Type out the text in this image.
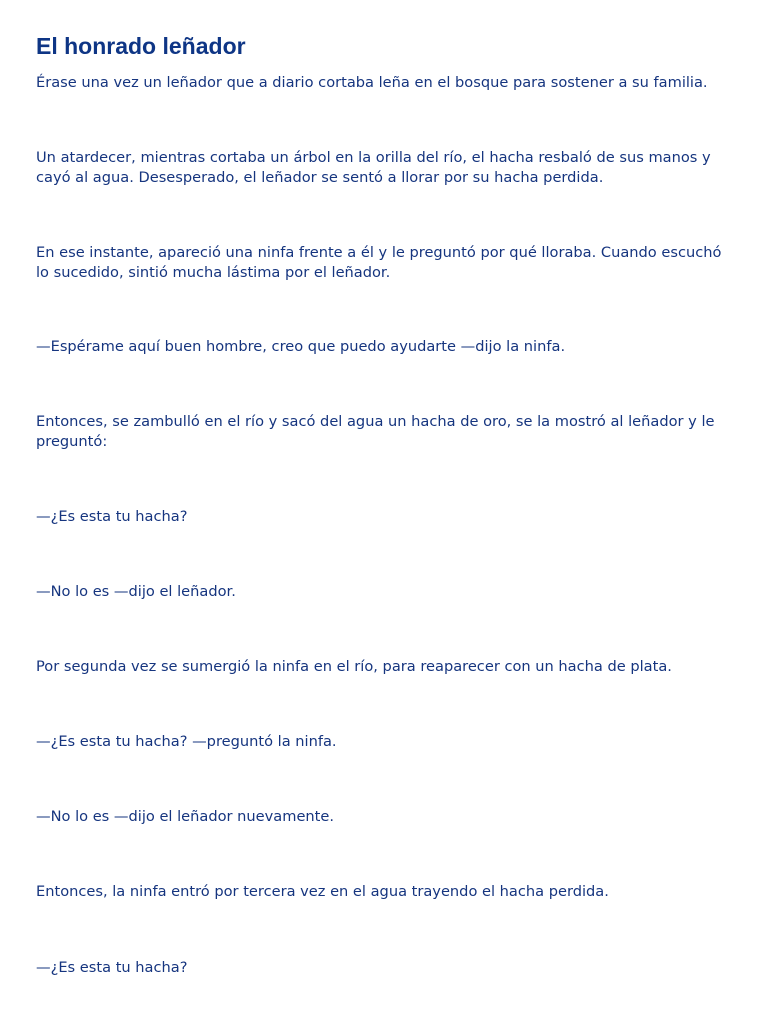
El honrado leñador

Érase una vez un leñador que a diario cortaba leña en el bosque para sostener a su familia.

Un atardecer, mientras cortaba un árbol en la orilla del río, el hacha resbaló de sus manos y cayó al agua. Desesperado, el leñador se sentó a llorar por su hacha perdida.

En ese instante, apareció una ninfa frente a él y le preguntó por qué lloraba. Cuando escuchó lo sucedido, sintió mucha lástima por el leñador.

—Espérame aquí buen hombre, creo que puedo ayudarte —dijo la ninfa.

Entonces, se zambulló en el río y sacó del agua un hacha de oro, se la mostró al leñador y le preguntó:

—¿Es esta tu hacha?

—No lo es —dijo el leñador.

Por segunda vez se sumergió la ninfa en el río, para reaparecer con un hacha de plata.

—¿Es esta tu hacha? —preguntó la ninfa.

—No lo es —dijo el leñador nuevamente.

Entonces, la ninfa entró por tercera vez en el agua trayendo el hacha perdida.

—¿Es esta tu hacha?
